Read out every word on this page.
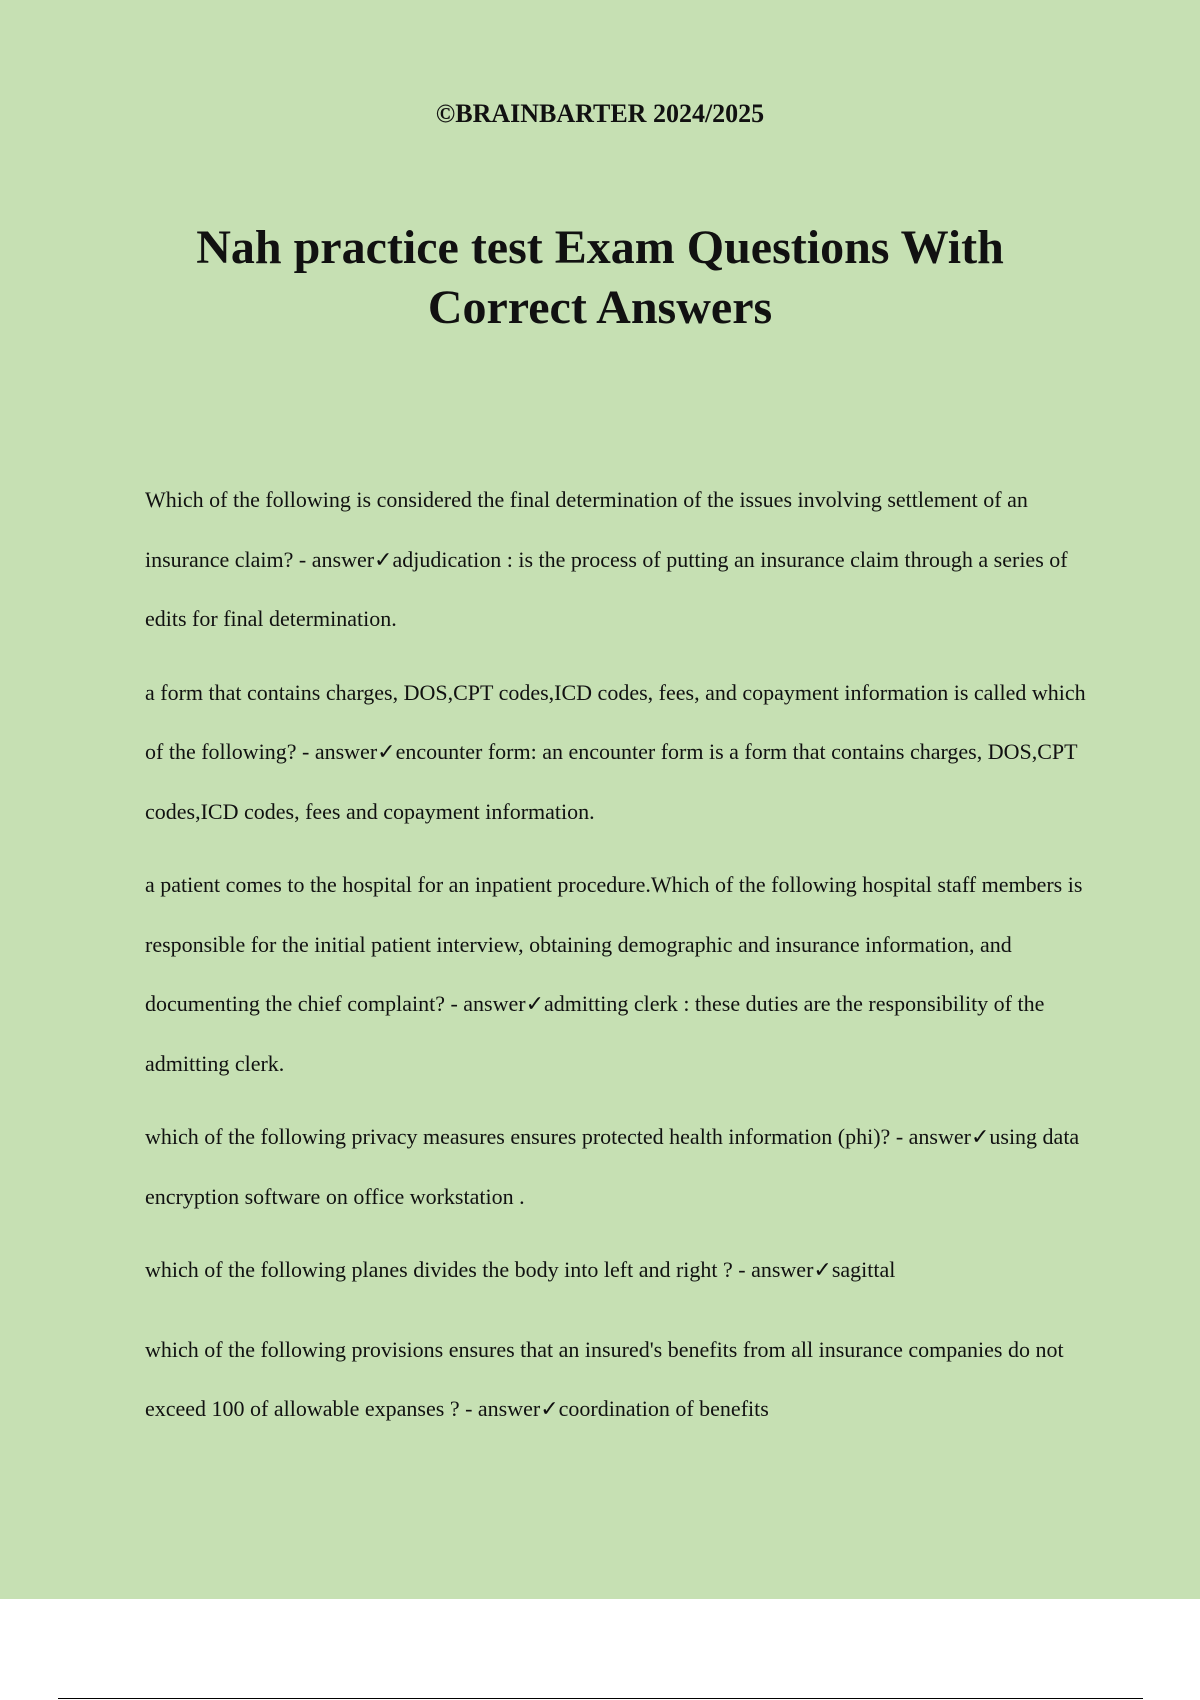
©BRAINBARTER 2024/2025
Nah practice test Exam Questions With Correct Answers

Which of the following is considered the final determination of the issues involving settlement of an insurance claim? - answer✓adjudication : is the process of putting an insurance claim through a series of edits for final determination.

a form that contains charges, DOS,CPT codes,ICD codes, fees, and copayment information is called which of the following? - answer✓encounter form: an encounter form is a form that contains charges, DOS,CPT codes,ICD codes, fees and copayment information.

a patient comes to the hospital for an inpatient procedure.Which of the following hospital staff members is responsible for the initial patient interview, obtaining demographic and insurance information, and documenting the chief complaint? - answer✓admitting clerk : these duties are the responsibility of the admitting clerk.

which of the following privacy measures ensures protected health information (phi)? - answer✓using data encryption software on office workstation .

which of the following planes divides the body into left and right ? - answer✓sagittal

which of the following provisions ensures that an insured's benefits from all insurance companies do not exceed 100 of allowable expanses ? - answer✓coordination of benefits
